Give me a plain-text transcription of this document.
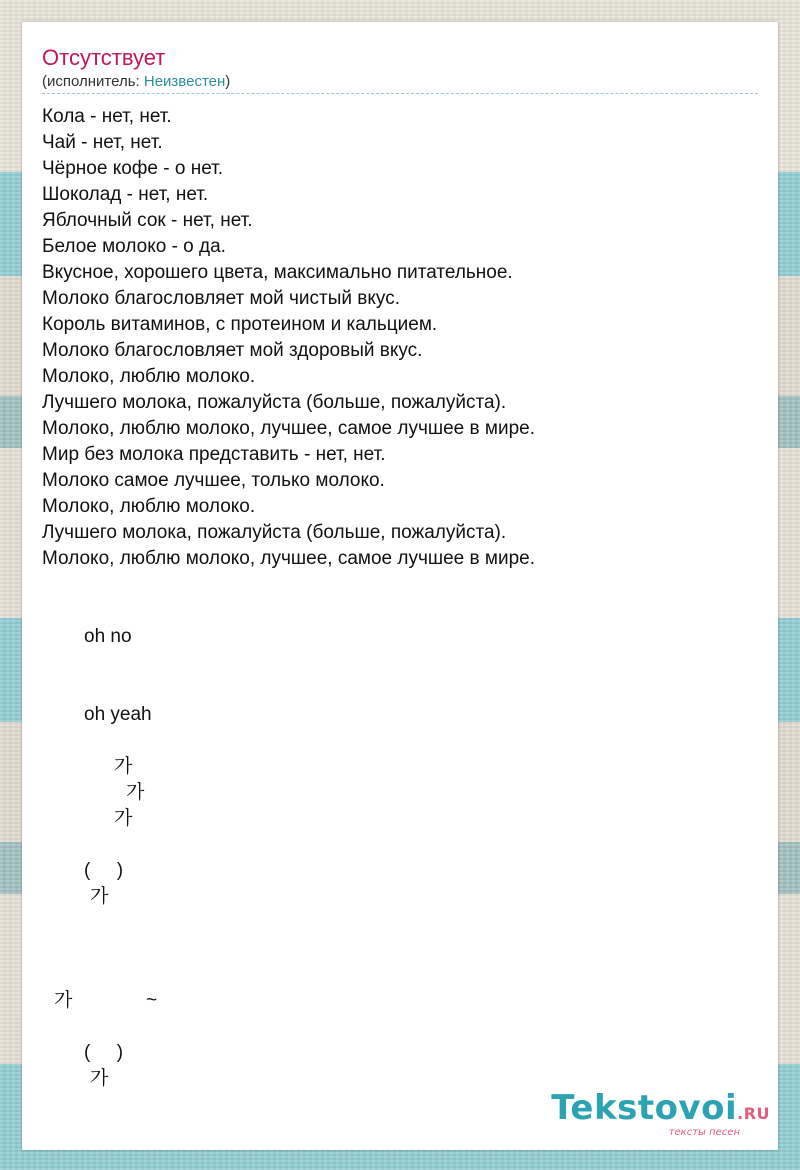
Отсутствует
(исполнитель: Неизвестен)
Кола - нет, нет.
Чай - нет, нет.
Чёрное кофе - о нет.
Шоколад - нет, нет.
Яблочный сок - нет, нет.
Белое молоко - о да.
Вкусное, хорошего цвета, максимально питательное.
Молоко благословляет мой чистый вкус.
Король витаминов, с протеином и кальцием.
Молоко благословляет мой здоровый вкус.
Молоко, люблю молоко.
Лучшего молока, пожалуйста (больше, пожалуйста).
Молоко, люблю молоко, лучшее, самое лучшее в мире.
Мир без молока представить - нет, нет.
Молоко самое лучшее, только молоко.
Молоко, люблю молоко.
Лучшего молока, пожалуйста (больше, пожалуйста).
Молоко, люблю молоко, лучшее, самое лучшее в мире.
oh no
oh yeah
가
가
가
(     )
가
가	~
(     )
가
Tekstovoi.RU
тексты песен
